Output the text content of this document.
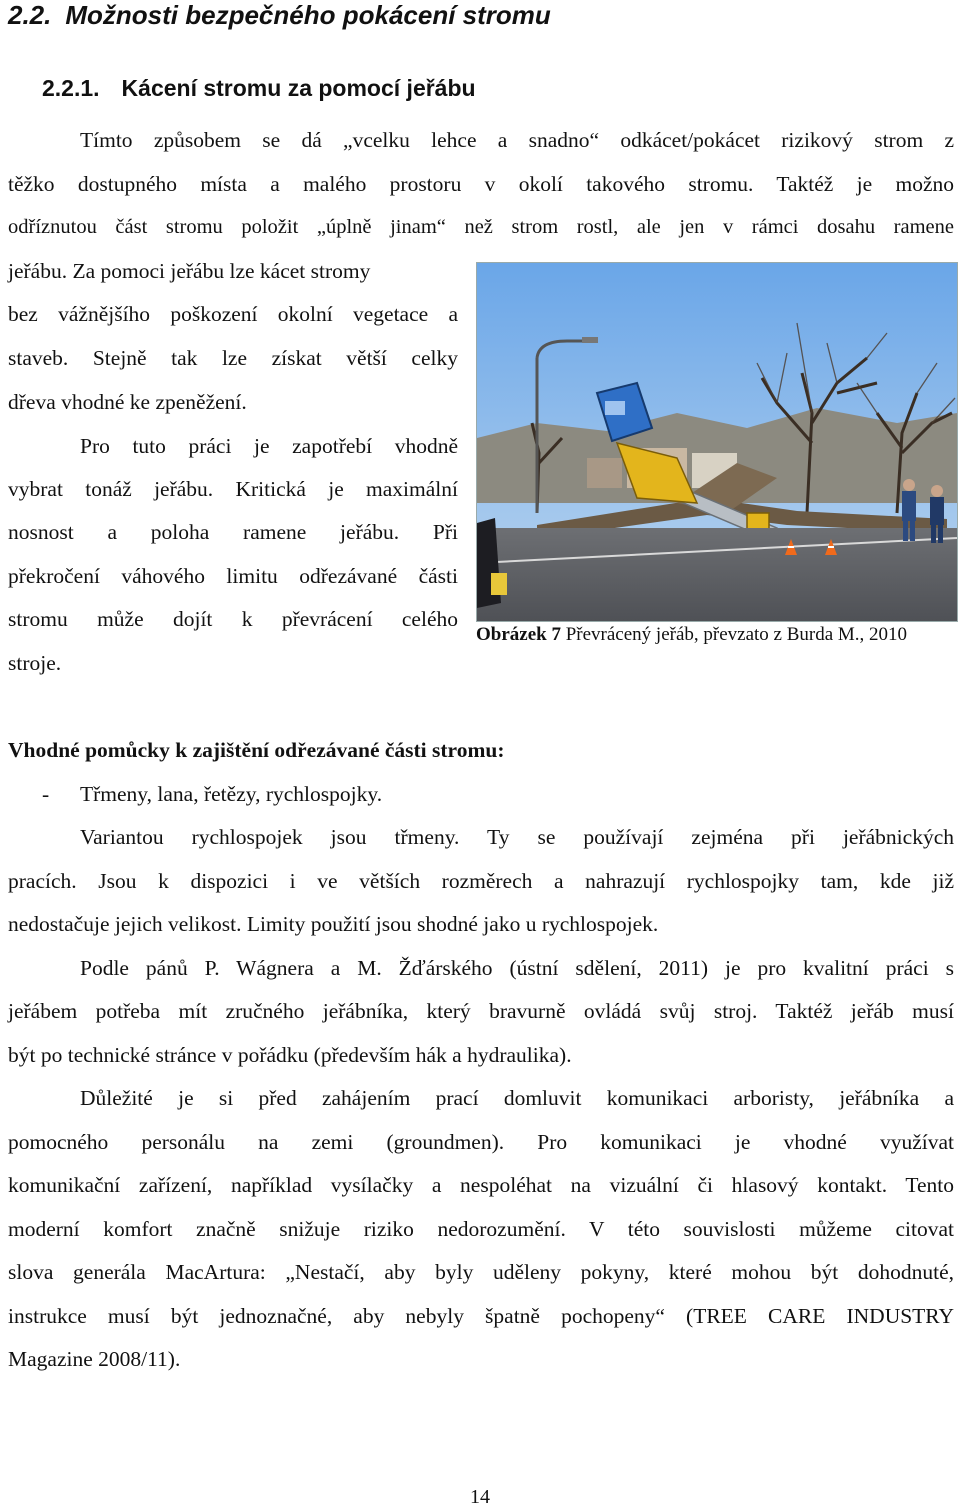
2.2. Možnosti bezpečného pokácení stromu
2.2.1. Kácení stromu za pomocí jeřábu
Tímto způsobem se dá „vcelku lehce a snadno“ odkácet/pokácet rizikový strom z
těžko dostupného místa a malého prostoru v okolí takového stromu. Taktéž je možno
odříznutou část stromu položit „úplně jinam“ než strom rostl, ale jen v rámci dosahu ramene
jeřábu. Za pomoci jeřábu lze kácet stromy
bez vážnějšího poškození okolní vegetace a
staveb. Stejně tak lze získat větší celky
dřeva vhodné ke zpeněžení.
Pro tuto práci je zapotřebí vhodně
vybrat tonáž jeřábu. Kritická je maximální
nosnost a poloha ramene jeřábu. Při
překročení váhového limitu odřezávané části
stromu může dojít k převrácení celého
stroje.
Obrázek 7 Převrácený jeřáb, převzato z Burda M., 2010
Vhodné pomůcky k zajištění odřezávané části stromu:
- Třmeny, lana, řetězy, rychlospojky.
Variantou rychlospojek jsou třmeny. Ty se používají zejména při jeřábnických
pracích. Jsou k dispozici i ve větších rozměrech a nahrazují rychlospojky tam, kde již
nedostačuje jejich velikost. Limity použití jsou shodné jako u rychlospojek.
Podle pánů P. Wágnera a M. Žďárského (ústní sdělení, 2011) je pro kvalitní práci s
jeřábem potřeba mít zručného jeřábníka, který bravurně ovládá svůj stroj. Taktéž jeřáb musí
být po technické stránce v pořádku (především hák a hydraulika).
Důležité je si před zahájením prací domluvit komunikaci arboristy, jeřábníka a
pomocného personálu na zemi (groundmen). Pro komunikaci je vhodné využívat
komunikační zařízení, například vysílačky a nespoléhat na vizuální či hlasový kontakt. Tento
moderní komfort značně snižuje riziko nedorozumění. V této souvislosti můžeme citovat
slova generála MacArtura: „Nestačí, aby byly uděleny pokyny, které mohou být dohodnuté,
instrukce musí být jednoznačné, aby nebyly špatně pochopeny“ (TREE CARE INDUSTRY
Magazine 2008/11).
14
